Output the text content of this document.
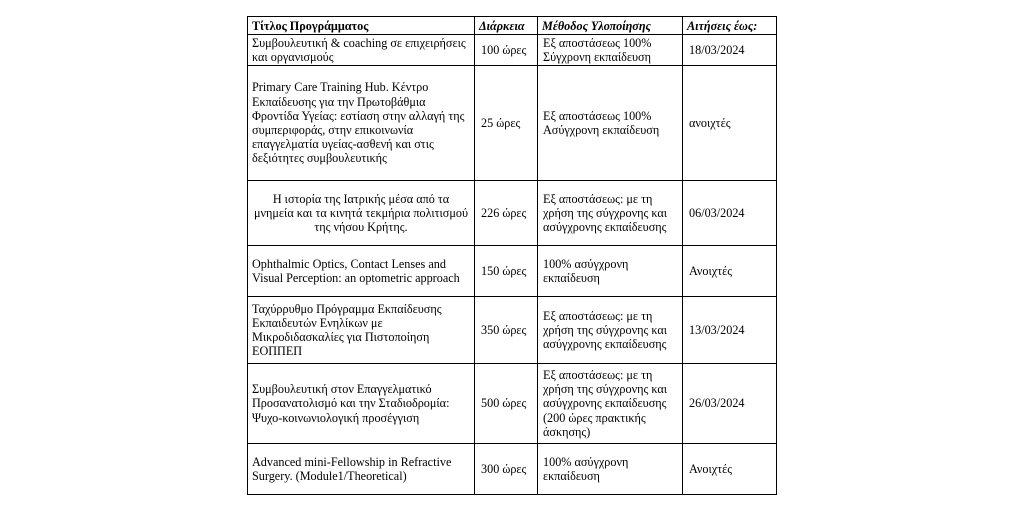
Τίτλος Προγράμματος	Διάρκεια	Μέθοδος Υλοποίησης	Αιτήσεις έως:
Συμβουλευτική & coaching σε επιχειρήσεις και οργανισμούς	100 ώρες	Εξ αποστάσεως 100% Σύγχρονη εκπαίδευση	18/03/2024
Primary Care Training Hub. Κέντρο Εκπαίδευσης για την Πρωτοβάθμια Φροντίδα Υγείας: εστίαση στην αλλαγή της συμπεριφοράς, στην επικοινωνία επαγγελματία υγείας-ασθενή και στις δεξιότητες συμβουλευτικής	25 ώρες	Εξ αποστάσεως 100% Ασύγχρονη εκπαίδευση	ανοιχτές
Η ιστορία της Ιατρικής μέσα από τα μνημεία και τα κινητά τεκμήρια πολιτισμού της νήσου Κρήτης.	226 ώρες	Εξ αποστάσεως: με τη χρήση της σύγχρονης και ασύγχρονης εκπαίδευσης	06/03/2024
Ophthalmic Optics, Contact Lenses and Visual Perception: an optometric approach	150 ώρες	100% ασύγχρονη εκπαίδευση	Ανοιχτές
Ταχύρρυθμο Πρόγραμμα Εκπαίδευσης Εκπαιδευτών Ενηλίκων με Μικροδιδασκαλίες για Πιστοποίηση ΕΟΠΠΕΠ	350 ώρες	Εξ αποστάσεως: με τη χρήση της σύγχρονης και ασύγχρονης εκπαίδευσης	13/03/2024
Συμβουλευτική στον Επαγγελματικό Προσανατολισμό και την Σταδιοδρομία: Ψυχο-κοινωνιολογική προσέγγιση	500 ώρες	Εξ αποστάσεως: με τη χρήση της σύγχρονης και ασύγχρονης εκπαίδευσης (200 ώρες πρακτικής άσκησης)	26/03/2024
Advanced mini-Fellowship in Refractive Surgery. (Module1/Theoretical)	300 ώρες	100% ασύγχρονη εκπαίδευση	Ανοιχτές
